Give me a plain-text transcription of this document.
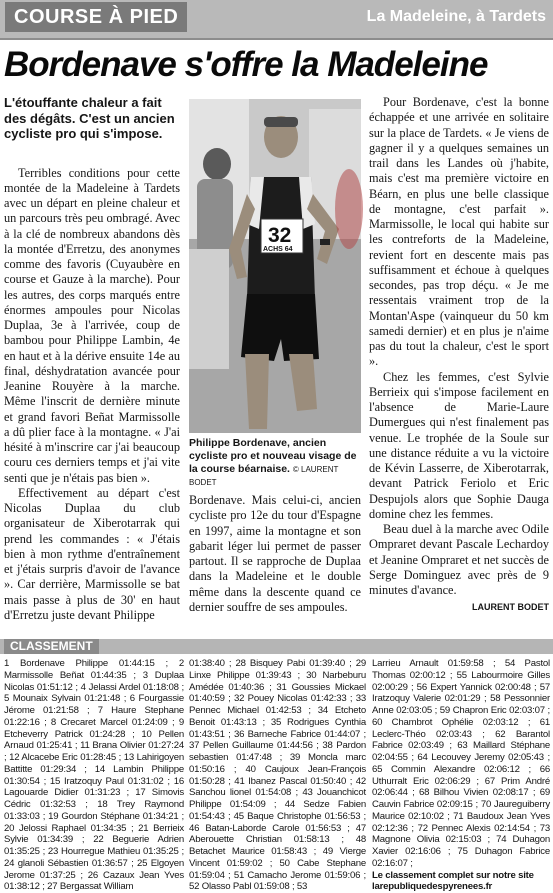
COURSE À PIED	La Madeleine, à Tardets
Bordenave s'offre la Madeleine

L'étouffante chaleur a fait des dégâts. C'est un ancien cycliste pro qui s'impose.

Terribles conditions pour cette montée de la Madeleine à Tardets avec un départ en pleine chaleur et un parcours très peu ombragé. Avec à la clé de nombreux abandons dès la montée d'Erretzu, des anonymes comme des favoris (Cuyaubère en course et Gauze à la marche). Pour les autres, des corps marqués entre énormes ampoules pour Nicolas Duplaa, 3e à l'arrivée, coup de bambou pour Philippe Lambin, 4e en haut et à la dérive ensuite 14e au final, déshydratation avancée pour Jeanine Rouyère à la marche. Même l'inscrit de dernière minute et grand favori Beñat Marmissolle a dû plier face à la montagne. « J'ai hésité à m'inscrire car j'ai beaucoup couru ces derniers temps et j'ai vite senti que je n'étais pas bien ».

Effectivement au départ c'est Nicolas Duplaa du club organisateur de Xiberotarrak qui prend les commandes : « J'étais bien à mon rythme d'entraînement et j'étais surpris d'avoir de l'avance ». Car derrière, Marmissolle se bat mais passe à plus de 30' en haut d'Erretzu juste devant Philippe

32
ACHS 64
Philippe Bordenave, ancien cycliste pro et nouveau visage de la course béarnaise. © LAURENT BODET

Bordenave. Mais celui-ci, ancien cycliste pro 12e du tour d'Espagne en 1997, aime la montagne et son gabarit léger lui permet de passer partout. Il se rapproche de Duplaa dans la Madeleine et le double même dans la descente quand ce dernier souffre de ses ampoules.

Pour Bordenave, c'est la bonne échappée et une arrivée en solitaire sur la place de Tardets. « Je viens de gagner il y a quelques semaines un trail dans les Landes où j'habite, mais c'est ma première victoire en Béarn, en plus une belle classique de montagne, c'est parfait ». Marmissolle, le local qui habite sur les contreforts de la Madeleine, revient fort en descente mais pas suffisamment et échoue à quelques secondes, pas trop déçu. « Je me ressentais vraiment trop de la Montan'Aspe (vainqueur du 50 km samedi dernier) et en plus je n'aime pas du tout la chaleur, c'est le sport ».

Chez les femmes, c'est Sylvie Berrieix qui s'impose facilement en l'absence de Marie-Laure Dumergues qui n'est finalement pas venue. Le trophée de la Soule sur une distance réduite a vu la victoire de Kévin Lasserre, de Xiberotarrak, devant Patrick Feriolo et Eric Despujols alors que Sophie Dauga domine chez les femmes.

Beau duel à la marche avec Odile Ompraret devant Pascale Lechardoy et Jeanine Ompraret et net succès de Serge Dominguez avec près de 9 minutes d'avance.

LAURENT BODET

CLASSEMENT

1 Bordenave Philippe 01:44:15 ; 2 Marmissolle Beñat 01:44:35 ; 3 Duplaa Nicolas 01:51:12 ; 4 Jelassi Ardel 01:18:08 ; 5 Mounaix Sylvain 01:21:48 ; 6 Fourgassie Jérome 01:21:58 ; 7 Haure Stephane 01:22:16 ; 8 Crecaret Marcel 01:24:09 ; 9 Etcheverry Patrick 01:24:28 ; 10 Pellen Arnaud 01:25:41 ; 11 Brana Olivier 01:27:24 ; 12 Alcacebe Eric 01:28:45 ; 13 Lahirigoyen Battitte 01:29:34 ; 14 Lambin Philippe 01:30:54 ; 15 Iratzoquy Paul 01:31:02 ; 16 Lagouarde Didier 01:31:23 ; 17 Simovis Cédric 01:32:53 ; 18 Trey Raymond 01:33:03 ; 19 Gourdon Stéphane 01:34:21 ; 20 Jelossi Raphael 01:34:35 ; 21 Berrieix Sylvie 01:34:39 ; 22 Beguerie Adrien 01:35:25 ; 23 Hourregue Mathieu 01:35:25 ; 24 glanoli Sébastien 01:36:57 ; 25 Elgoyen Jerome 01:37:25 ; 26 Cazaux Jean Yves 01:38:12 ; 27 Bergassat William

01:38:40 ; 28 Bisquey Pabi 01:39:40 ; 29 Linxe Philippe 01:39:43 ; 30 Narbeburu Amédée 01:40:36 ; 31 Goussies Mickael 01:40:59 ; 32 Pouey Nicolas 01:42:33 ; 33 Pennec Michael 01:42:53 ; 34 Etcheto Benoit 01:43:13 ; 35 Rodrigues Cynthia 01:43:51 ; 36 Barneche Fabrice 01:44:07 ; 37 Pellen Guillaume 01:44:56 ; 38 Pardon sebastien 01:47:48 ; 39 Moncla marc 01:50:16 ; 40 Caujoux Jean-François 01:50:28 ; 41 Ibanez Pascal 01:50:40 ; 42 Sanchou lionel 01:54:08 ; 43 Jouanchicot Philippe 01:54:09 ; 44 Sedze Fabien 01:54:43 ; 45 Baque Christophe 01:56:53 ; 46 Batan-Laborde Carole 01:56:53 ; 47 Aberouette Christian 01:58:13 ; 48 Betachet Maurice 01:58:43 ; 49 Vierge Vincent 01:59:02 ; 50 Cabe Stephane 01:59:04 ; 51 Camacho Jerome 01:59:06 ; 52 Olasso Pabl 01:59:08 ; 53

Larrieu Arnault 01:59:58 ; 54 Pastol Thomas 02:00:12 ; 55 Labourmoire Gilles 02:00:29 ; 56 Expert Yannick 02:00:48 ; 57 Iratzoquy Valerie 02:01:29 ; 58 Pessonnier Anne 02:03:05 ; 59 Chapron Eric 02:03:07 ; 60 Chambrot Ophélie 02:03:12 ; 61 Leclerc-Théo 02:03:43 ; 62 Barantol Fabrice 02:03:49 ; 63 Maillard Stéphane 02:04:55 ; 64 Lecouvey Jeremy 02:05:43 ; 65 Commin Alexandre 02:06:12 ; 66 Uthurralt Eric 02:06:29 ; 67 Prim André 02:06:44 ; 68 Bilhou Vivien 02:08:17 ; 69 Cauvin Fabrice 02:09:15 ; 70 Jaureguiberry Maurice 02:10:02 ; 71 Baudoux Jean Yves 02:12:36 ; 72 Pennec Alexis 02:14:54 ; 73 Magnone Olivia 02:15:03 ; 74 Duhagon Xavier 02:16:06 ; 75 Duhagon Fabrice 02:16:07 ;

Le classement complet sur notre site larepubliquedespyrenees.fr
